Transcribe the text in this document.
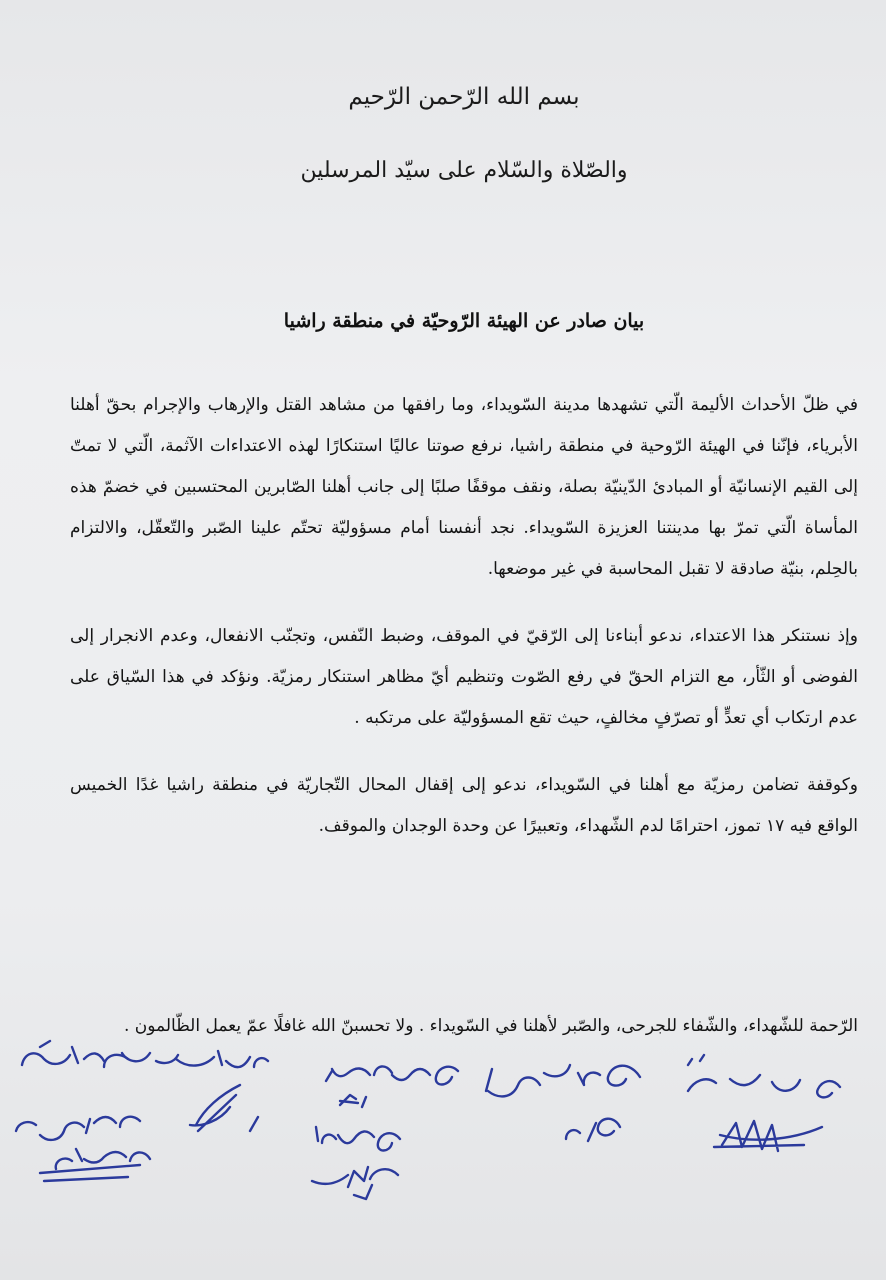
بسم الله الرّحمن الرّحيم
والصّلاة والسّلام على سيّد المرسلين
بيان صادر عن الهيئة الرّوحيّة في منطقة راشيا

في ظلّ الأحداث الأليمة الّتي تشهدها مدينة السّويداء، وما رافقها من مشاهد القتل والإرهاب والإجرام بحقّ أهلنا الأبرياء، فإنّنا في الهيئة الرّوحية في منطقة راشيا، نرفع صوتنا عاليًا استنكارًا لهذه الاعتداءات الآثمة، الّتي لا تمتّ إلى القيم الإنسانيّة أو المبادئ الدّينيّة بصلة، ونقف موقفًا صلبًا إلى جانب أهلنا الصّابرين المحتسبين في خضمّ هذه المأساة الّتي تمرّ بها مدينتنا العزيزة السّويداء. نجد أنفسنا أمام مسؤوليّة تحتّم علينا الصّبر والتّعقّل، والالتزام بالحِلم، بنيّة صادقة لا تقبل المحاسبة في غير موضعها.

وإذ نستنكر هذا الاعتداء، ندعو أبناءنا إلى الرّقيّ في الموقف، وضبط النّفس، وتجنّب الانفعال، وعدم الانجرار إلى الفوضى أو الثّأر، مع التزام الحقّ في رفع الصّوت وتنظيم أيّ مظاهر استنكار رمزيّة. ونؤكد في هذا السّياق على عدم ارتكاب أي تعدٍّ أو تصرّفٍ مخالفٍ، حيث تقع المسؤوليّة على مرتكبه .

وكوقفة تضامن رمزيّة مع أهلنا في السّويداء، ندعو إلى إقفال المحال التّجاريّة في منطقة راشيا غدًا الخميس الواقع فيه ١٧ تموز، احترامًا لدم الشّهداء، وتعبيرًا عن وحدة الوجدان والموقف.

الرّحمة للشّهداء، والشّفاء للجرحى، والصّبر لأهلنا في السّويداء . ولا تحسبنّ الله غافلًا عمّ يعمل الظّالمون .
